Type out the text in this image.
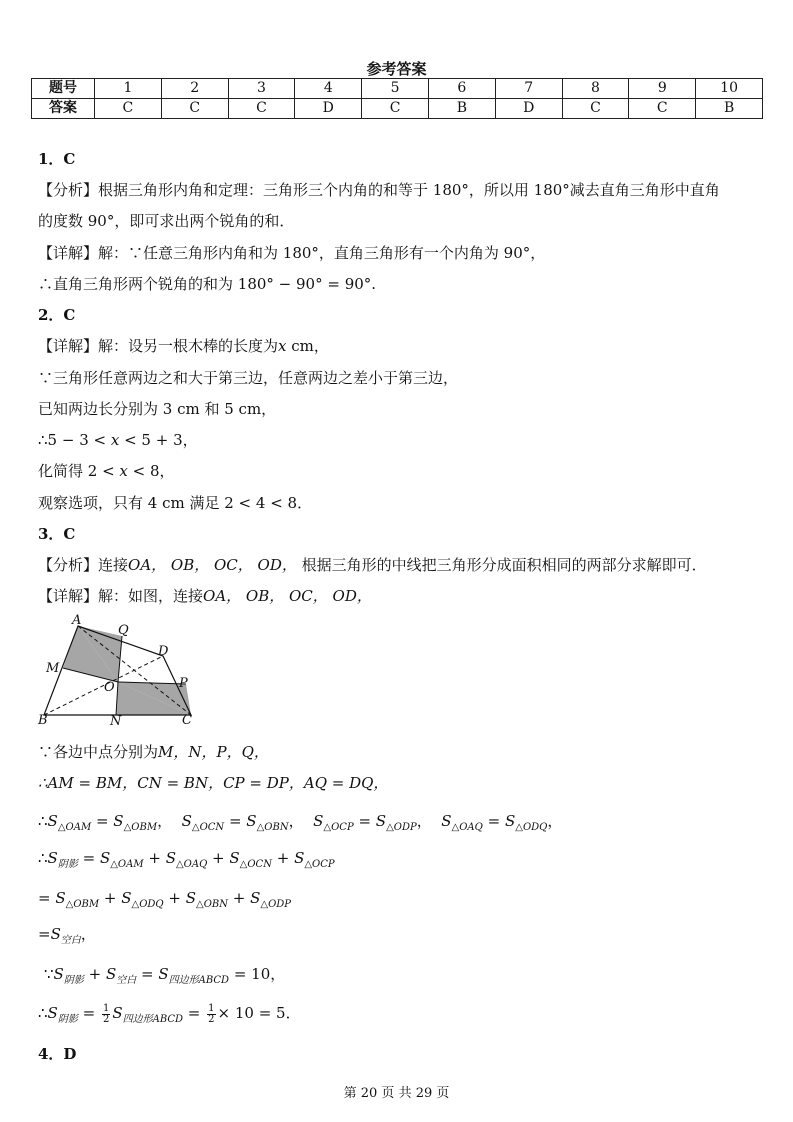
参考答案
题号	1	2	3	4	5	6	7	8	9	10
答案	C	C	C	D	C	B	D	C	C	B
1．C
【分析】根据三角形内角和定理：三角形三个内角的和等于 180°，所以用 180°减去直角三角形中直角
的度数 90°，即可求出两个锐角的和．
【详解】解：∵任意三角形内角和为 180°，直角三角形有一个内角为 90°，
∴直角三角形两个锐角的和为 180° − 90° = 90°.
2．C
【详解】解：设另一根木棒的长度为x cm，
∵三角形任意两边之和大于第三边，任意两边之差小于第三边，
已知两边长分别为 3 cm 和 5 cm，
∴5 − 3 < x < 5 + 3，
化简得 2 < x < 8，
观察选项，只有 4 cm 满足 2 < 4 < 8．
3．C
【分析】连接OA， OB， OC， OD， 根据三角形的中线把三角形分成面积相同的两部分求解即可．
【详解】解：如图，连接OA， OB， OC， OD，
A
Q
D
M
O	P
B	N	C
∵各边中点分别为M，N，P，Q，
∴AM = BM，CN = BN，CP = DP，AQ = DQ，
$\therefore S_{\triangle OAM} = S_{\triangle OBM}$，  $S_{\triangle OCN} = S_{\triangle OBN}$，  $S_{\triangle OCP} = S_{\triangle ODP}$，  $S_{\triangle OAQ} = S_{\triangle ODQ}$，
$\therefore S_{阴影} = S_{\triangle OAM} + S_{\triangle OAQ} + S_{\triangle OCN} + S_{\triangle OCP}$
= $S_{\triangle OBM} + S_{\triangle ODQ} + S_{\triangle OBN} + S_{\triangle ODP}$
$=S_{空白}$，
$\because S_{阴影} + S_{空白} = S_{四边形ABCD} = 10$，
$\therefore S_{阴影} = \frac{1}{2} S_{四边形ABCD} = \frac{1}{2} \times 10 = 5$．
4．D
第 20 页 共 29 页
